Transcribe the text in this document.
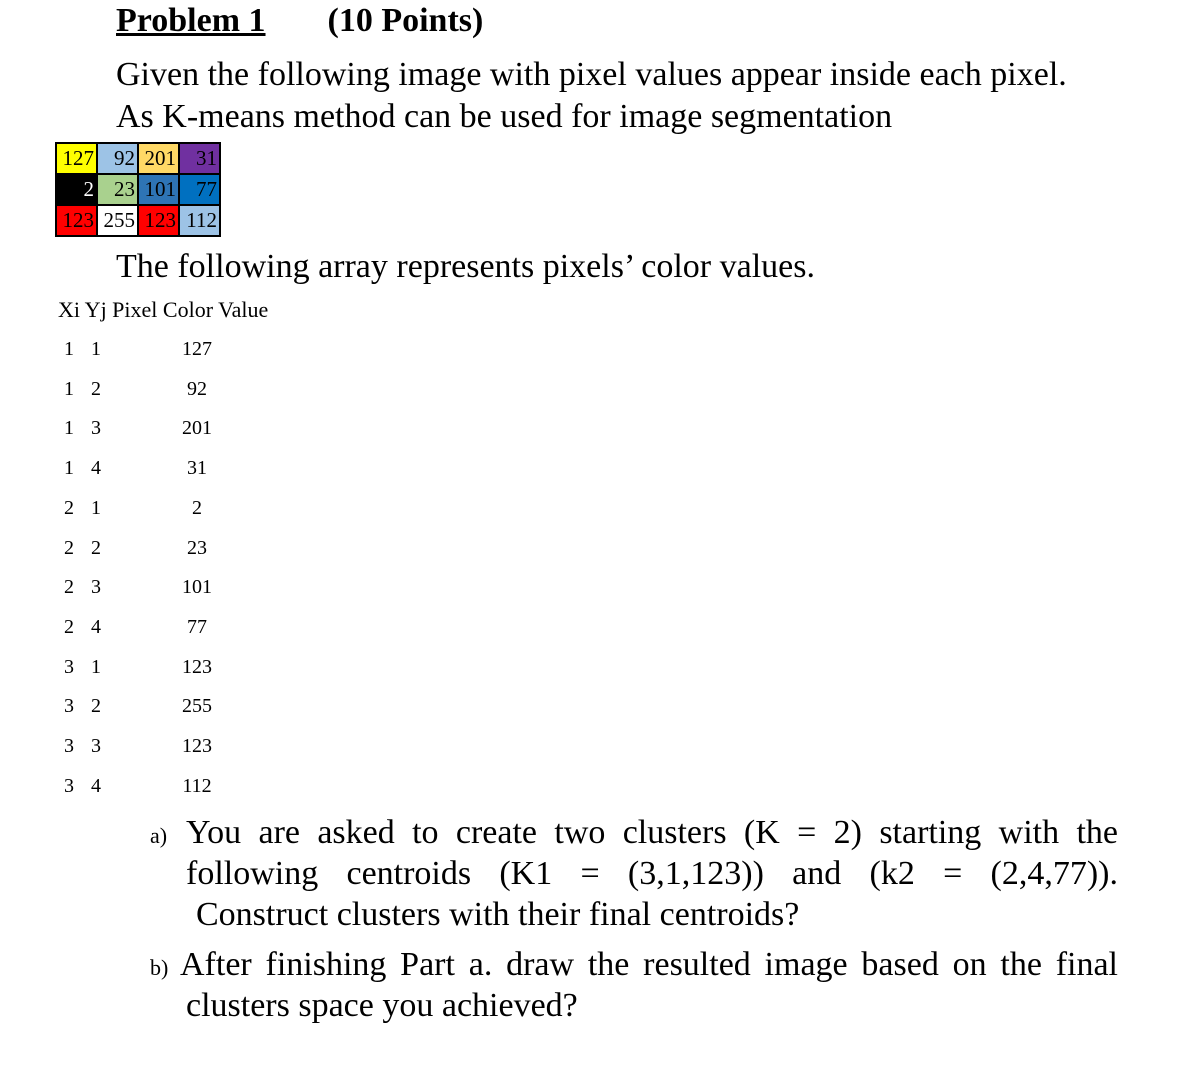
Problem 1 (10 Points)
Given the following image with pixel values appear inside each pixel.
As K-means method can be used for image segmentation
127	92	201	31
2	23	101	77
123	255	123	112
The following array represents pixels’ color values.
Xi Yj Pixel Color Value
1 1	127
1 2	92
1 3	201
1 4	31
2 1	2
2 2	23
2 3	101
2 4	77
3 1	123
3 2	255
3 3	123
3 4	112
a) You are asked to create two clusters (K = 2) starting with the
following centroids (K1 = (3,1,123)) and (k2 = (2,4,77)).
Construct clusters with their final centroids?
b) After finishing Part a. draw the resulted image based on the final
clusters space you achieved?
